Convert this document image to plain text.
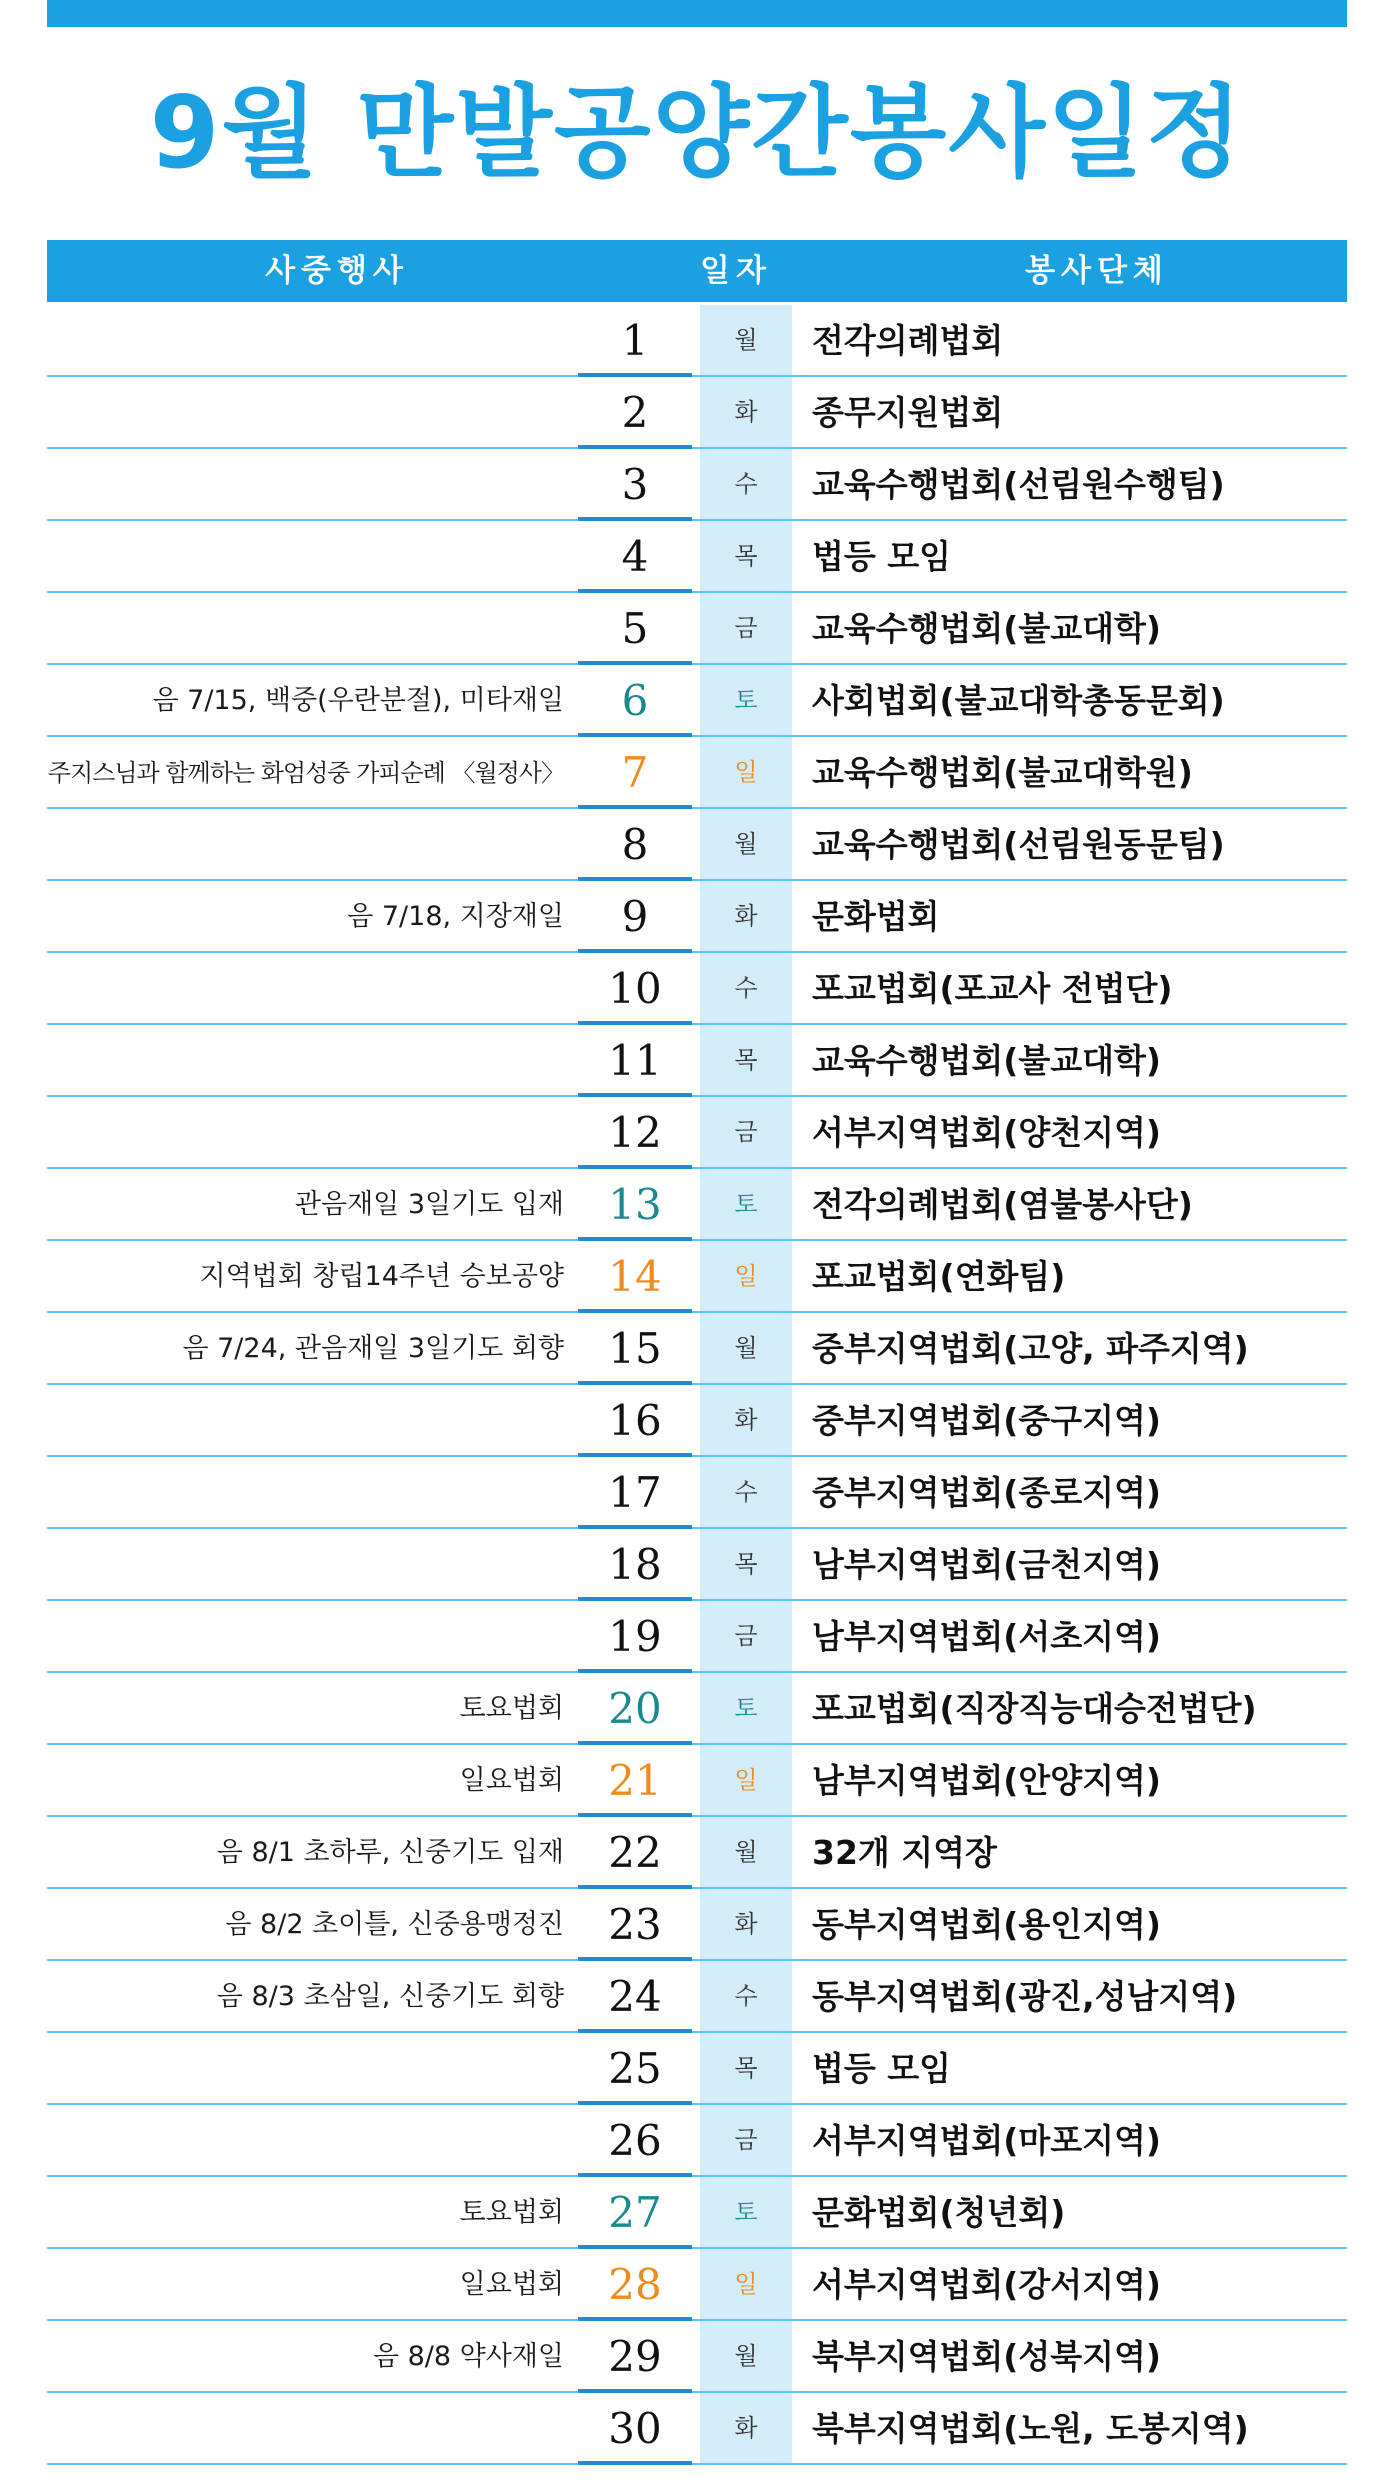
9월 만발공양간봉사일정
사중행사	일자	봉사단체
1	월	전각의례법회
2	화	종무지원법회
3	수	교육수행법회(선림원수행팀)
4	목	법등 모임
5	금	교육수행법회(불교대학)
음 7/15, 백중(우란분절), 미타재일	6	토	사회법회(불교대학총동문회)
주지스님과 함께하는 화엄성중 가피순례 〈월정사〉	7	일	교육수행법회(불교대학원)
8	월	교육수행법회(선림원동문팀)
음 7/18, 지장재일	9	화	문화법회
10	수	포교법회(포교사 전법단)
11	목	교육수행법회(불교대학)
12	금	서부지역법회(양천지역)
관음재일 3일기도 입재	13	토	전각의례법회(염불봉사단)
지역법회 창립14주년 승보공양	14	일	포교법회(연화팀)
음 7/24, 관음재일 3일기도 회향	15	월	중부지역법회(고양, 파주지역)
16	화	중부지역법회(중구지역)
17	수	중부지역법회(종로지역)
18	목	남부지역법회(금천지역)
19	금	남부지역법회(서초지역)
토요법회	20	토	포교법회(직장직능대승전법단)
일요법회	21	일	남부지역법회(안양지역)
음 8/1 초하루, 신중기도 입재	22	월	32개 지역장
음 8/2 초이틀, 신중용맹정진	23	화	동부지역법회(용인지역)
음 8/3 초삼일, 신중기도 회향	24	수	동부지역법회(광진,성남지역)
25	목	법등 모임
26	금	서부지역법회(마포지역)
토요법회	27	토	문화법회(청년회)
일요법회	28	일	서부지역법회(강서지역)
음 8/8 약사재일	29	월	북부지역법회(성북지역)
30	화	북부지역법회(노원, 도봉지역)
